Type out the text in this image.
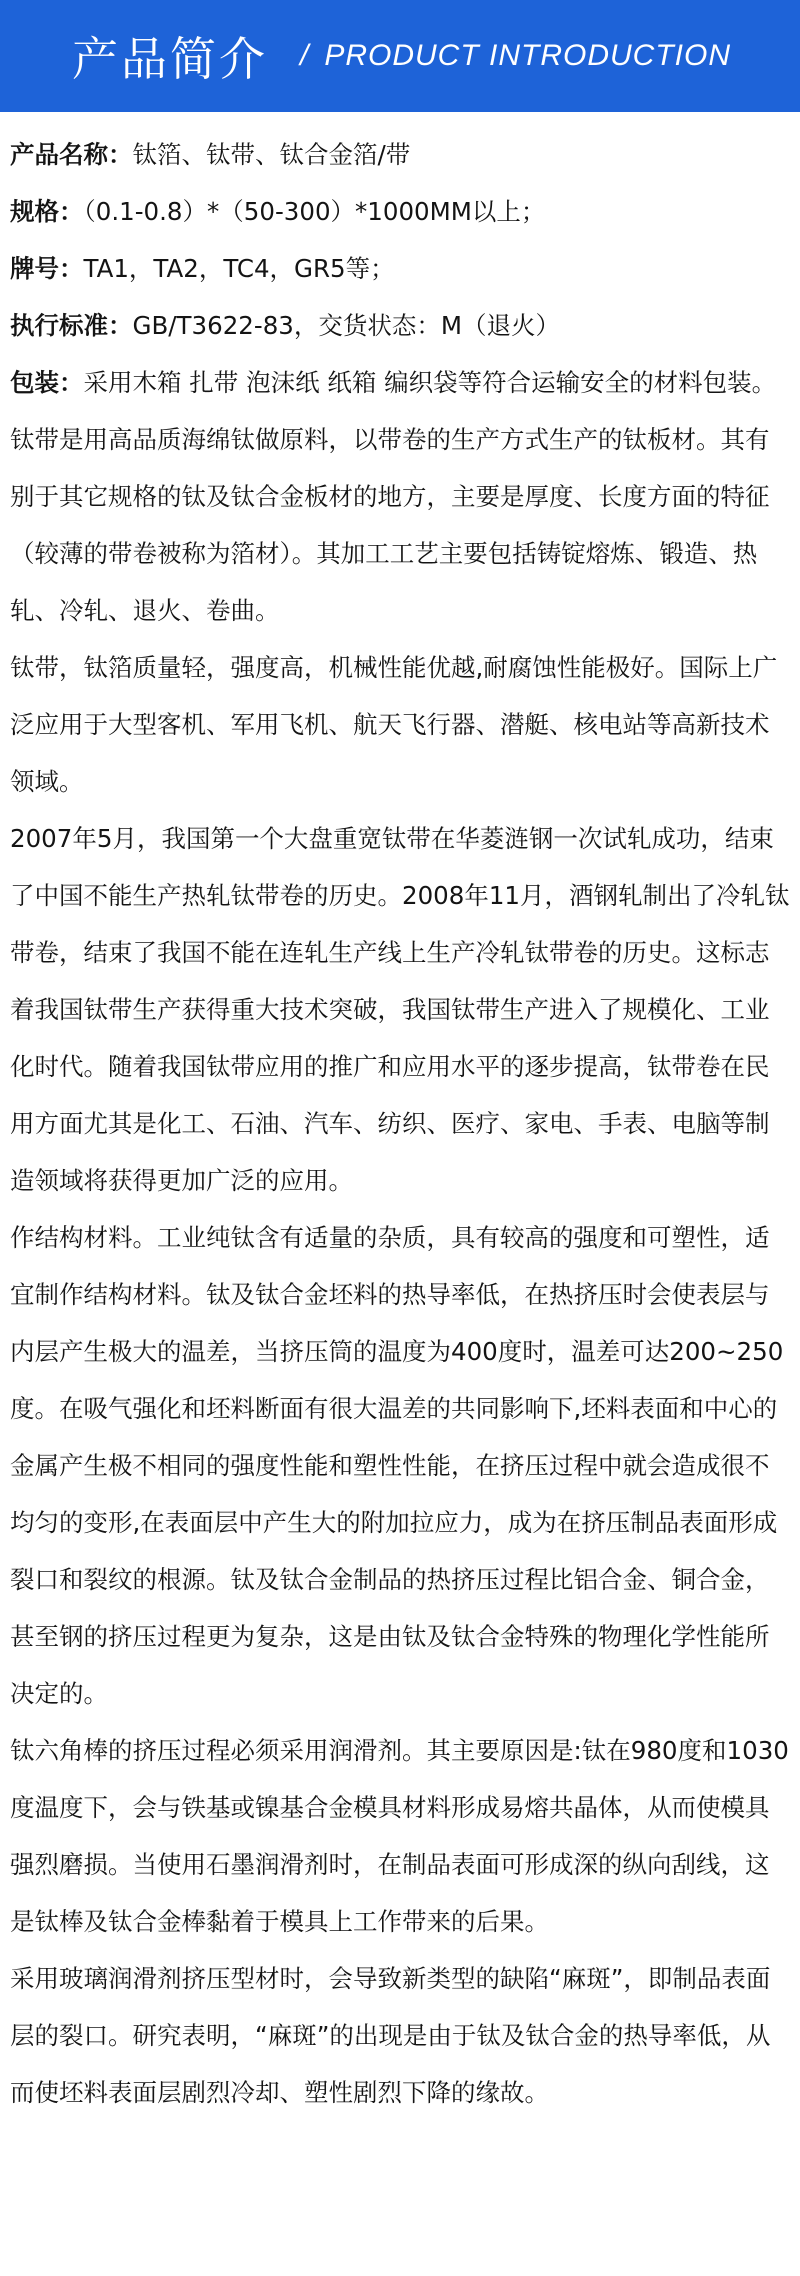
产品简介 / PRODUCT INTRODUCTION

产品名称：钛箔、钛带、钛合金箔/带

规格：（0.1-0.8）*（50-300）*1000MM以上；

牌号：TA1，TA2，TC4，GR5等；

执行标准：GB/T3622-83，交货状态：M（退火）

包装：采用木箱 扎带 泡沫纸 纸箱 编织袋等符合运输安全的材料包装。

钛带是用高品质海绵钛做原料，以带卷的生产方式生产的钛板材。其有别于其它规格的钛及钛合金板材的地方，主要是厚度、长度方面的特征（较薄的带卷被称为箔材）。其加工工艺主要包括铸锭熔炼、锻造、热轧、冷轧、退火、卷曲。

钛带，钛箔质量轻，强度高，机械性能优越,耐腐蚀性能极好。国际上广泛应用于大型客机、军用飞机、航天飞行器、潜艇、核电站等高新技术领域。

2007年5月，我国第一个大盘重宽钛带在华菱涟钢一次试轧成功，结束了中国不能生产热轧钛带卷的历史。2008年11月，酒钢轧制出了冷轧钛带卷，结束了我国不能在连轧生产线上生产冷轧钛带卷的历史。这标志着我国钛带生产获得重大技术突破，我国钛带生产进入了规模化、工业化时代。随着我国钛带应用的推广和应用水平的逐步提高，钛带卷在民用方面尤其是化工、石油、汽车、纺织、医疗、家电、手表、电脑等制造领域将获得更加广泛的应用。

作结构材料。工业纯钛含有适量的杂质，具有较高的强度和可塑性，适宜制作结构材料。钛及钛合金坯料的热导率低，在热挤压时会使表层与内层产生极大的温差，当挤压筒的温度为400度时，温差可达200~250度。在吸气强化和坯料断面有很大温差的共同影响下,坯料表面和中心的金属产生极不相同的强度性能和塑性性能，在挤压过程中就会造成很不均匀的变形,在表面层中产生大的附加拉应力，成为在挤压制品表面形成裂口和裂纹的根源。钛及钛合金制品的热挤压过程比铝合金、铜合金，甚至钢的挤压过程更为复杂，这是由钛及钛合金特殊的物理化学性能所决定的。

钛六角棒的挤压过程必须采用润滑剂。其主要原因是:钛在980度和1030度温度下，会与铁基或镍基合金模具材料形成易熔共晶体，从而使模具强烈磨损。当使用石墨润滑剂时，在制品表面可形成深的纵向刮线，这是钛棒及钛合金棒黏着于模具上工作带来的后果。

采用玻璃润滑剂挤压型材时，会导致新类型的缺陷“麻斑”，即制品表面层的裂口。研究表明，“麻斑”的出现是由于钛及钛合金的热导率低，从而使坯料表面层剧烈冷却、塑性剧烈下降的缘故。
